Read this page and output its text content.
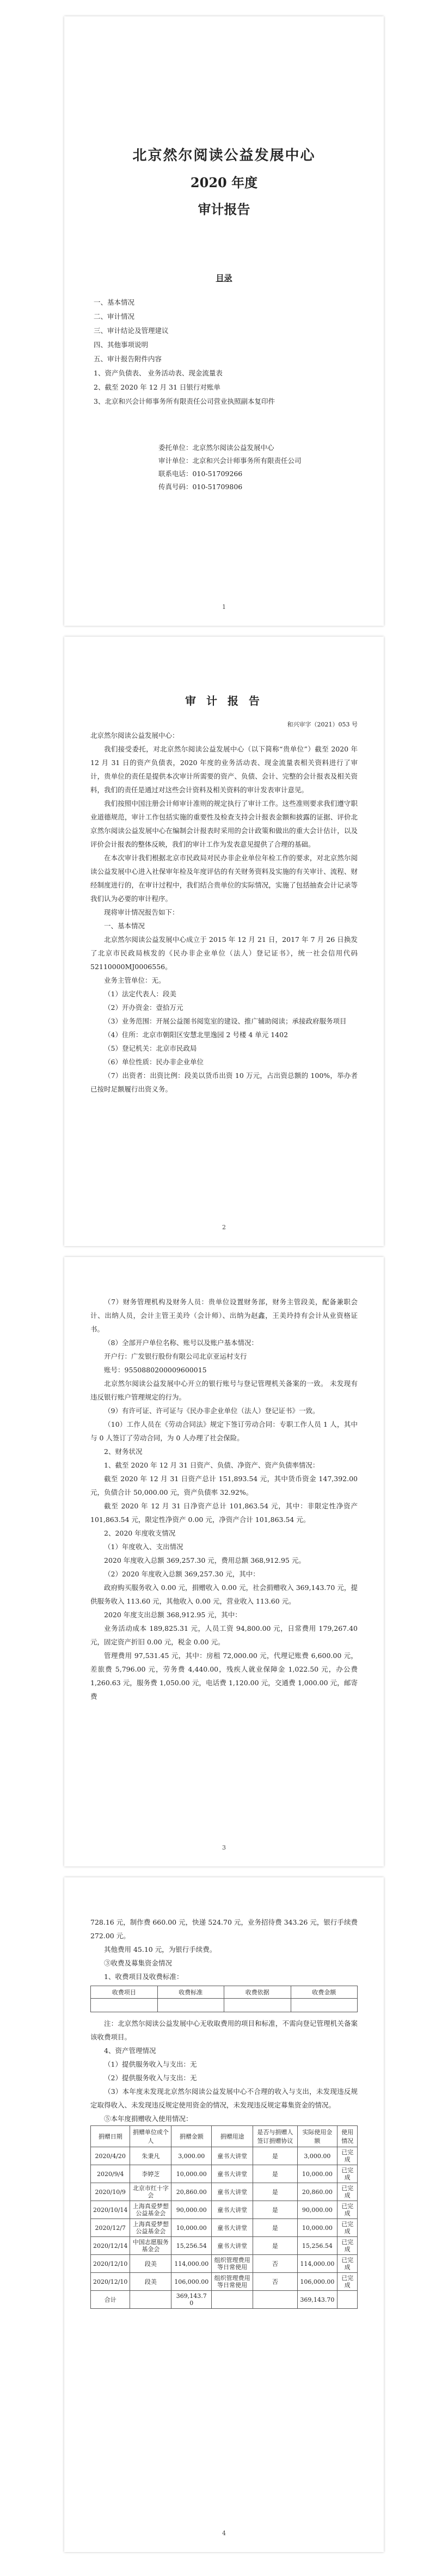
北京然尔阅读公益发展中心
2020 年度
审计报告
目录
一、基本情况
二、审计情况
三、审计结论及管理建议
四、其他事项说明
五、审计报告附件内容
1、资产负债表、 业务活动表、现金流量表
2、截至 2020 年 12 月 31 日银行对账单
3、北京和兴会计师事务所有限责任公司营业执照副本复印件
委托单位：北京然尔阅读公益发展中心
审计单位：北京和兴会计师事务所有限责任公司
联系电话：010-51709266
传真号码：010-51709806
1
审 计 报 告
和兴审字（2021）053 号

北京然尔阅读公益发展中心：

我们接受委托，对北京然尔阅读公益发展中心（以下简称“贵单位”）截至 2020 年 12 月 31 日的资产负债表，2020 年度的业务活动表、现金流量表相关资料进行了审计，贵单位的责任是提供本次审计所需要的资产、负债、会计、完整的会计报表及相关资料，我们的责任是通过对这些会计资料及相关资料的审计发表审计意见。

我们按照中国注册会计师审计准则的规定执行了审计工作。这些准则要求我们遵守职业道德规范，审计工作包括实施的重要性及检查支持会计报表金额和披露的证据、评价北京然尔阅读公益发展中心在编制会计报表时采用的会计政策和做出的重大会计估计，以及评价会计报表的整体反映，我们的审计工作为发表意见提供了合理的基础。

在本次审计我们根据北京市民政局对民办非企业单位年检工作的要求，对北京然尔阅读公益发展中心进入社保审年检及年度评估的有关财务资料及实施的有关审计、流程、财经制度进行的，在审计过程中，我们结合贵单位的实际情况，实施了包括抽查会计记录等我们认为必要的审计程序。

现将审计情况报告如下：

一、基本情况

北京然尔阅读公益发展中心成立于 2015 年 12 月 21 日，2017 年 7 月 26 日换发了北京市民政局核发的《民办非企业单位（法人）登记证书》，统一社会信用代码 52110000MJ0006556。

业务主管单位：无。

（1）法定代表人：段美

（2）开办资金：壹拾万元

（3）业务范围：开展公益图书阅览室的建设、推广辅助阅读；承接政府服务项目

（4）住所：北京市朝阳区安慧北里逸园 2 号楼 4 单元 1402

（5）登记机关：北京市民政局

（6）单位性质：民办非企业单位

（7）出资者：出资比例：段美以货币出资 10 万元，占出资总额的 100%，举办者已按时足额履行出资义务。

2

（7）财务管理机构及财务人员：贵单位设置财务部，财务主管段美，配备兼职会计、出纳人员，会计主管王美玲（会计师）、出纳为赵鑫，王美玲持有会计从业资格证书。

（8）全部开户单位名称、账号以及账户基本情况：

开户行：广发银行股份有限公司北京亚运村支行

账号：9550880200009600015

北京然尔阅读公益发展中心开立的银行账号与登记管理机关备案的一致。 未发现有违反银行账户管理规定的行为。

（9）有许可证、许可证与《民办非企业单位（法人）登记证书》一致。

（10）工作人员在《劳动合同法》规定下签订劳动合同：专职工作人员 1 人，其中与 0 人签订了劳动合同，为 0 人办理了社会保险。

2、财务状况

1、截至 2020 年 12 月 31 日资产、负债、净资产、资产负债率情况：

截至 2020 年 12 月 31 日资产总计 151,893.54 元，其中货币资金 147,392.00 元，负债合计 50,000.00 元，资产负债率 32.92%。

截至 2020 年 12 月 31 日净资产总计 101,863.54 元，其中：非限定性净资产 101,863.54 元，限定性净资产 0.00 元，净资产合计 101,863.54 元。

2、2020 年度收支情况

（1）年度收入、支出情况

2020 年度收入总额 369,257.30 元，费用总额 368,912.95 元。

（2）2020 年度收入总额 369,257.30 元，其中：

政府购买服务收入 0.00 元，捐赠收入 0.00 元，社会捐赠收入 369,143.70 元，提供服务收入 113.60 元，其他收入 0.00 元，营业收入 113.60 元。

2020 年度支出总额 368,912.95 元，其中：

业务活动成本 189,825.31 元，人员工资 94,800.00 元，日常费用 179,267.40 元，固定资产折旧 0.00 元，税金 0.00 元。

管理费用 97,531.45 元，其中：房租 72,000.00 元，代理记账费 6,600.00 元，差旅费 5,796.00 元，劳务费 4,440.00，残疾人就业保障金 1,022.50 元，办公费 1,260.63 元，服务费 1,050.00 元，电话费 1,120.00 元，交通费 1,000.00 元，邮寄费

3

728.16 元，制作费 660.00 元，快递 524.70 元，业务招待费 343.26 元，银行手续费 272.00 元。

其他费用 45.10 元，为银行手续费。

③收费及募集资金情况

1、收费项目及收费标准：

收费项目	收费标准	收费依据	收费金额

注：北京然尔阅读公益发展中心无收取费用的项目和标准，不需向登记管理机关备案该收费项目。

4、资产管理情况

（1）提供服务收入与支出：无

（2）提供服务收入与支出：无

（3）本年度未发现北京然尔阅读公益发展中心不合理的收入与支出，未发现违反规定取得收入、未发现违反规定使用资金的情况，未发现违反规定募集资金的情况。

⑤本年度捐赠收入使用情况：

捐赠日期	捐赠单位或个人	捐赠金额	捐赠用途	是否与捐赠人签订捐赠协议	实际使用金额	使用情况
2020/4/20	朱秉凡	3,000.00	童书大讲堂	是	3,000.00	已完成
2020/9/4	李婷芝	10,000.00	童书大讲堂	是	10,000.00	已完成
2020/10/9	北京市红十字会	20,860.00	童书大讲堂	是	20,860.00	已完成
2020/10/14	上海真爱梦想公益基金会	90,000.00	童书大讲堂	是	90,000.00	已完成
2020/12/7	上海真爱梦想公益基金会	10,000.00	童书大讲堂	是	10,000.00	已完成
2020/12/14	中国志愿服务基金会	15,256.54	童书大讲堂	是	15,256.54	已完成
2020/12/10	段美	114,000.00	组织管理费用等日常使用	否	114,000.00	已完成
2020/12/10	段美	106,000.00	组织管理费用等日常使用	否	106,000.00	已完成
合计		369,143.7 0			369,143.70	
4
